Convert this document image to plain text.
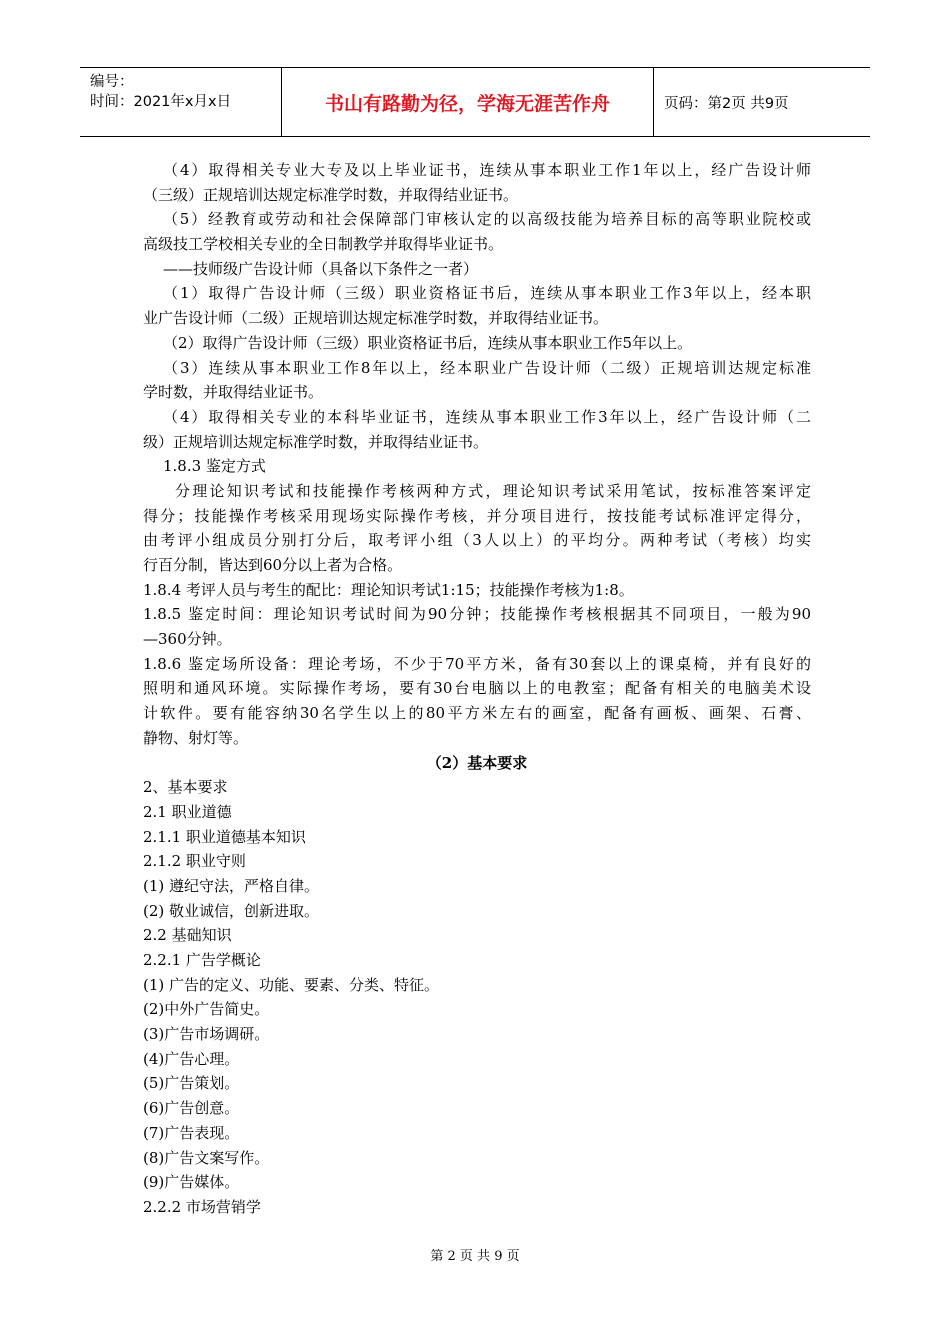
编号：
时间：2021年x月x日	书山有路勤为径，学海无涯苦作舟	页码：第2页 共9页
（4）取得相关专业大专及以上毕业证书，连续从事本职业工作1年以上，经广告设计师
（三级）正规培训达规定标准学时数，并取得结业证书。
（5）经教育或劳动和社会保障部门审核认定的以高级技能为培养目标的高等职业院校或
高级技工学校相关专业的全日制教学并取得毕业证书。
——技师级广告设计师（具备以下条件之一者）
（1）取得广告设计师（三级）职业资格证书后，连续从事本职业工作3年以上，经本职
业广告设计师（二级）正规培训达规定标准学时数，并取得结业证书。
（2）取得广告设计师（三级）职业资格证书后，连续从事本职业工作5年以上。
（3）连续从事本职业工作8年以上，经本职业广告设计师（二级）正规培训达规定标准
学时数，并取得结业证书。
（4）取得相关专业的本科毕业证书，连续从事本职业工作3年以上，经广告设计师（二
级）正规培训达规定标准学时数，并取得结业证书。
1.8.3 鉴定方式
分理论知识考试和技能操作考核两种方式，理论知识考试采用笔试，按标准答案评定
得分；技能操作考核采用现场实际操作考核，并分项目进行，按技能考试标准评定得分，
由考评小组成员分别打分后，取考评小组（3人以上）的平均分。两种考试（考核）均实
行百分制，皆达到60分以上者为合格。
1.8.4 考评人员与考生的配比：理论知识考试1:15；技能操作考核为1:8。
1.8.5 鉴定时间：理论知识考试时间为90分钟；技能操作考核根据其不同项目，一般为90
—360分钟。
1.8.6 鉴定场所设备：理论考场，不少于70平方米，备有30套以上的课桌椅，并有良好的
照明和通风环境。实际操作考场，要有30台电脑以上的电教室；配备有相关的电脑美术设
计软件。要有能容纳30名学生以上的80平方米左右的画室，配备有画板、画架、石膏、
静物、射灯等。
（2）基本要求
2、基本要求
2.1 职业道德
2.1.1 职业道德基本知识
2.1.2 职业守则
(1) 遵纪守法，严格自律。
(2) 敬业诚信，创新进取。
2.2 基础知识
2.2.1 广告学概论
(1) 广告的定义、功能、要素、分类、特征。
(2)中外广告简史。
(3)广告市场调研。
(4)广告心理。
(5)广告策划。
(6)广告创意。
(7)广告表现。
(8)广告文案写作。
(9)广告媒体。
2.2.2 市场营销学
第 2 页 共 9 页
